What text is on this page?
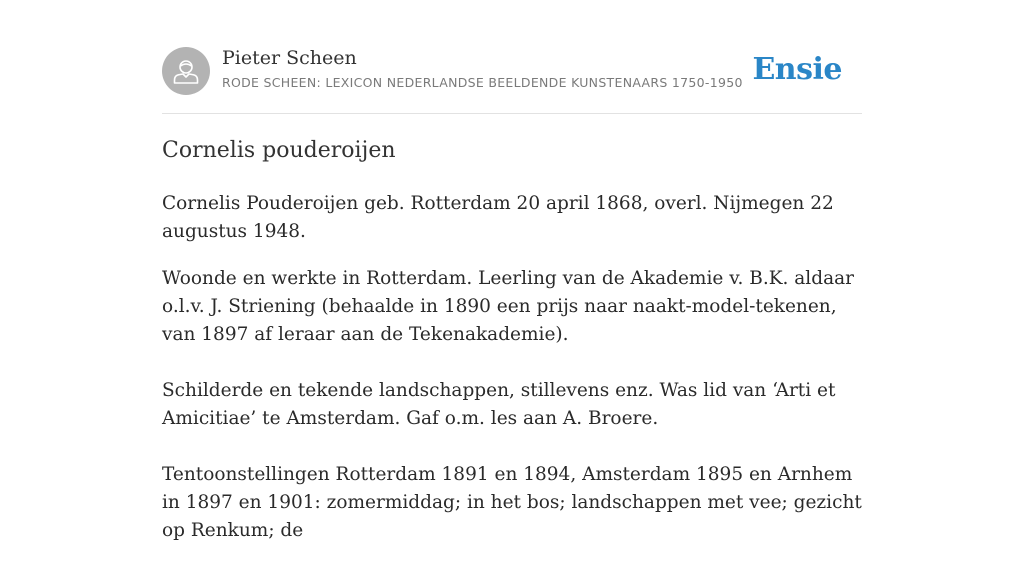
Pieter Scheen
RODE SCHEEN: LEXICON NEDERLANDSE BEELDENDE KUNSTENAARS 1750-1950 Ensie
Cornelis pouderoijen

Cornelis Pouderoijen geb. Rotterdam 20 april 1868, overl. Nijmegen 22 augustus 1948.

Woonde en werkte in Rotterdam. Leerling van de Akademie v. B.K. aldaar o.l.v. J. Striening (behaalde in 1890 een prijs naar naakt-model-tekenen, van 1897 af leraar aan de Tekenakademie).

Schilderde en tekende landschappen, stillevens enz. Was lid van ‘Arti et Amicitiae’ te Amsterdam. Gaf o.m. les aan A. Broere.

Tentoonstellingen Rotterdam 1891 en 1894, Amsterdam 1895 en Arnhem in 1897 en 1901: zomermiddag; in het bos; landschappen met vee; gezicht op Renkum; de
